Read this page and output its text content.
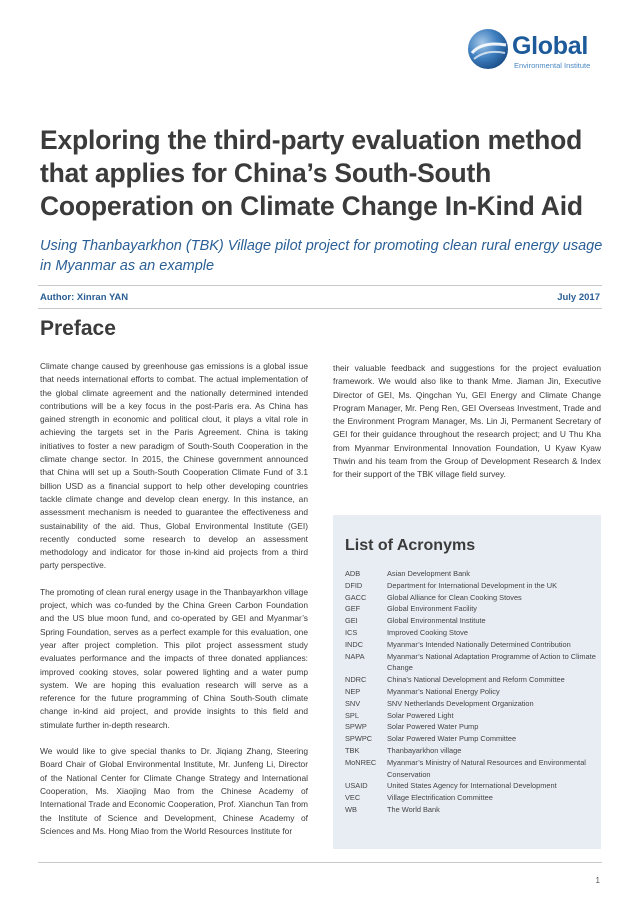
Global
Environmental Institute
Exploring the third-party evaluation method that applies for China’s South-South Cooperation on Climate Change In-Kind Aid

Using Thanbayarkhon (TBK) Village pilot project for promoting clean rural energy usage in Myanmar as an example

Author: Xinran YAN	July 2017
Preface

Climate change caused by greenhouse gas emissions is a global issue that needs international efforts to combat. The actual implementation of the global climate agreement and the nationally determined intended contributions will be a key focus in the post-Paris era. As China has gained strength in economic and political clout, it plays a vital role in achieving the targets set in the Paris Agreement. China is taking initiatives to foster a new paradigm of South-South Cooperation in the climate change sector. In 2015, the Chinese government announced that China will set up a South-South Cooperation Climate Fund of 3.1 billion USD as a financial support to help other developing countries tackle climate change and develop clean energy. In this instance, an assessment mechanism is needed to guarantee the effectiveness and sustainability of the aid. Thus, Global Environmental Institute (GEI) recently conducted some research to develop an assessment methodology and indicator for those in-kind aid projects from a third party perspective.

The promoting of clean rural energy usage in the Thanbayarkhon village project, which was co-funded by the China Green Carbon Foundation and the US blue moon fund, and co-operated by GEI and Myanmar’s Spring Foundation, serves as a perfect example for this evaluation, one year after project completion. This pilot project assessment study evaluates performance and the impacts of three donated appliances: improved cooking stoves, solar powered lighting and a water pump system. We are hoping this evaluation research will serve as a reference for the future programming of China South-South climate change in-kind aid project, and provide insights to this field and stimulate further in-depth research.

We would like to give special thanks to Dr. Jiqiang Zhang, Steering Board Chair of Global Environmental Institute, Mr. Junfeng Li, Director of the National Center for Climate Change Strategy and International Cooperation, Ms. Xiaojing Mao from the Chinese Academy of International Trade and Economic Cooperation, Prof. Xianchun Tan from the Institute of Science and Development, Chinese Academy of Sciences and Ms. Hong Miao from the World Resources Institute for

their valuable feedback and suggestions for the project evaluation framework. We would also like to thank Mme. Jiaman Jin, Executive Director of GEI, Ms. Qingchan Yu, GEI Energy and Climate Change Program Manager, Mr. Peng Ren, GEI Overseas Investment, Trade and the Environment Program Manager, Ms. Lin Ji, Permanent Secretary of GEI for their guidance throughout the research project; and U Thu Kha from Myanmar Environmental Innovation Foundation, U Kyaw Kyaw Thwin and his team from the Group of Development Research & Index for their support of the TBK village field survey.

List of Acronyms
ADB	Asian Development Bank
DFID	Department for International Development in the UK
GACC	Global Alliance for Clean Cooking Stoves
GEF	Global Environment Facility
GEI	Global Environmental Institute
ICS	Improved Cooking Stove
INDC	Myanmar’s Intended Nationally Determined Contribution
NAPA	Myanmar’s National Adaptation Programme of Action to Climate Change
NDRC	China’s National Development and Reform Committee
NEP	Myanmar’s National Energy Policy
SNV	SNV Netherlands Development Organization
SPL	Solar Powered Light
SPWP	Solar Powered Water Pump
SPWPC	Solar Powered Water Pump Committee
TBK	Thanbayarkhon village
MoNREC	Myanmar’s Ministry of Natural Resources and Environmental Conservation
USAID	United States Agency for International Development
VEC	Village Electrification Committee
WB	The World Bank
1
